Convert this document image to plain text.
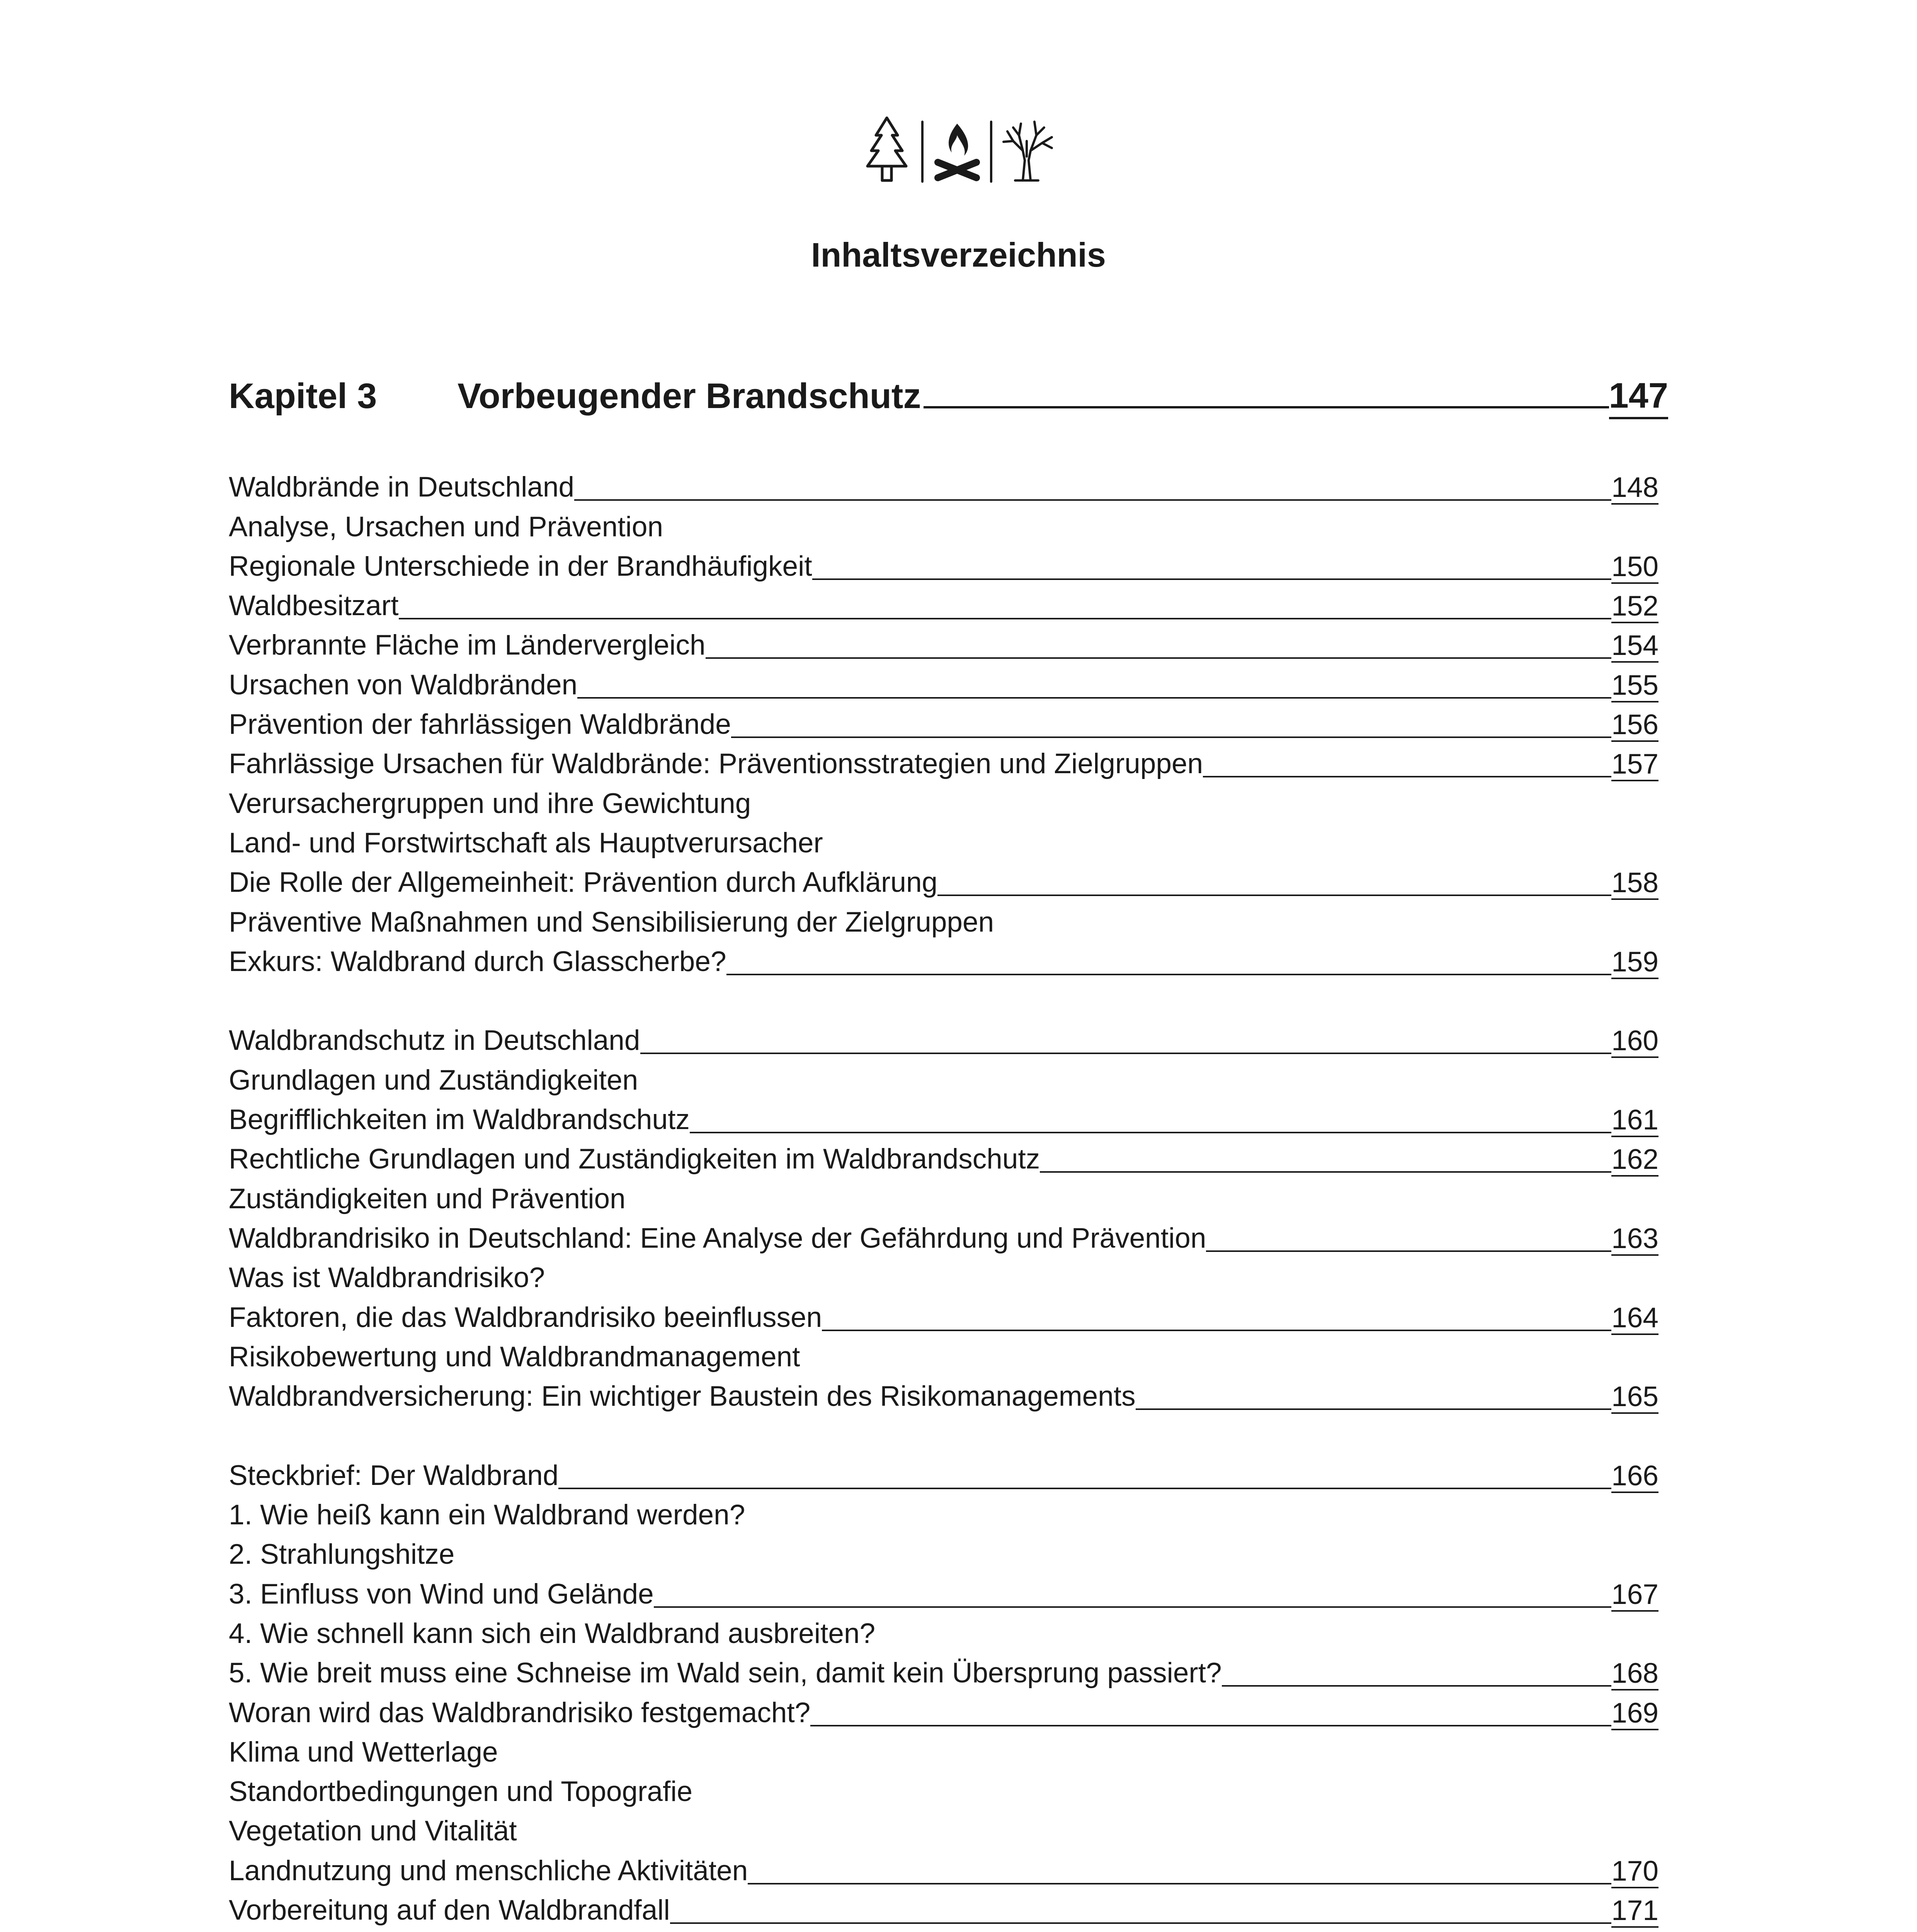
Inhaltsverzeichnis
Kapitel 3	Vorbeugender Brandschutz	147
Waldbrände in Deutschland	148
Analyse, Ursachen und Prävention
Regionale Unterschiede in der Brandhäufigkeit	150
Waldbesitzart	152
Verbrannte Fläche im Ländervergleich	154
Ursachen von Waldbränden	155
Prävention der fahrlässigen Waldbrände	156
Fahrlässige Ursachen für Waldbrände: Präventionsstrategien und Zielgruppen	157
Verursachergruppen und ihre Gewichtung
Land- und Forstwirtschaft als Hauptverursacher
Die Rolle der Allgemeinheit: Prävention durch Aufklärung	158
Präventive Maßnahmen und Sensibilisierung der Zielgruppen
Exkurs: Waldbrand durch Glasscherbe?	159
Waldbrandschutz in Deutschland	160
Grundlagen und Zuständigkeiten
Begrifflichkeiten im Waldbrandschutz	161
Rechtliche Grundlagen und Zuständigkeiten im Waldbrandschutz	162
Zuständigkeiten und Prävention
Waldbrandrisiko in Deutschland: Eine Analyse der Gefährdung und Prävention	163
Was ist Waldbrandrisiko?
Faktoren, die das Waldbrandrisiko beeinflussen	164
Risikobewertung und Waldbrandmanagement
Waldbrandversicherung: Ein wichtiger Baustein des Risikomanagements	165
Steckbrief: Der Waldbrand	166
1. Wie heiß kann ein Waldbrand werden?
2. Strahlungshitze
3. Einfluss von Wind und Gelände	167
4. Wie schnell kann sich ein Waldbrand ausbreiten?
5. Wie breit muss eine Schneise im Wald sein, damit kein Übersprung passiert?	168
Woran wird das Waldbrandrisiko festgemacht?	169
Klima und Wetterlage
Standortbedingungen und Topografie
Vegetation und Vitalität
Landnutzung und menschliche Aktivitäten	170
Vorbereitung auf den Waldbrandfall	171
